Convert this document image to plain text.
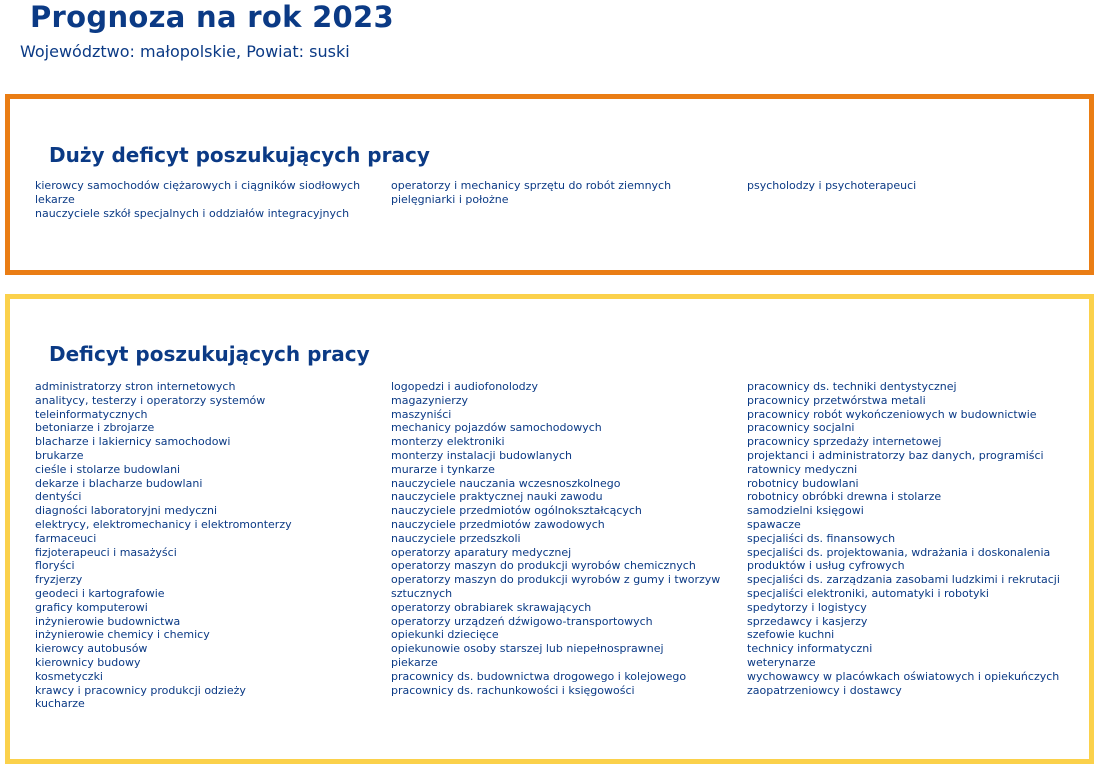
Prognoza na rok 2023

Województwo: małopolskie, Powiat: suski

Duży deficyt poszukujących pracy
kierowcy samochodów ciężarowych i ciągników siodłowych
lekarze
nauczyciele szkół specjalnych i oddziałów integracyjnych
operatorzy i mechanicy sprzętu do robót ziemnych
pielęgniarki i położne
psycholodzy i psychoterapeuci
Deficyt poszukujących pracy
administratorzy stron internetowych
analitycy, testerzy i operatorzy systemów
teleinformatycznych
betoniarze i zbrojarze
blacharze i lakiernicy samochodowi
brukarze
cieśle i stolarze budowlani
dekarze i blacharze budowlani
dentyści
diagności laboratoryjni medyczni
elektrycy, elektromechanicy i elektromonterzy
farmaceuci
fizjoterapeuci i masażyści
floryści
fryzjerzy
geodeci i kartografowie
graficy komputerowi
inżynierowie budownictwa
inżynierowie chemicy i chemicy
kierowcy autobusów
kierownicy budowy
kosmetyczki
krawcy i pracownicy produkcji odzieży
kucharze
logopedzi i audiofonolodzy
magazynierzy
maszyniści
mechanicy pojazdów samochodowych
monterzy elektroniki
monterzy instalacji budowlanych
murarze i tynkarze
nauczyciele nauczania wczesnoszkolnego
nauczyciele praktycznej nauki zawodu
nauczyciele przedmiotów ogólnokształcących
nauczyciele przedmiotów zawodowych
nauczyciele przedszkoli
operatorzy aparatury medycznej
operatorzy maszyn do produkcji wyrobów chemicznych
operatorzy maszyn do produkcji wyrobów z gumy i tworzyw
sztucznych
operatorzy obrabiarek skrawających
operatorzy urządzeń dźwigowo-transportowych
opiekunki dziecięce
opiekunowie osoby starszej lub niepełnosprawnej
piekarze
pracownicy ds. budownictwa drogowego i kolejowego
pracownicy ds. rachunkowości i księgowości
pracownicy ds. techniki dentystycznej
pracownicy przetwórstwa metali
pracownicy robót wykończeniowych w budownictwie
pracownicy socjalni
pracownicy sprzedaży internetowej
projektanci i administratorzy baz danych, programiści
ratownicy medyczni
robotnicy budowlani
robotnicy obróbki drewna i stolarze
samodzielni księgowi
spawacze
specjaliści ds. finansowych
specjaliści ds. projektowania, wdrażania i doskonalenia
produktów i usług cyfrowych
specjaliści ds. zarządzania zasobami ludzkimi i rekrutacji
specjaliści elektroniki, automatyki i robotyki
spedytorzy i logistycy
sprzedawcy i kasjerzy
szefowie kuchni
technicy informatyczni
weterynarze
wychowawcy w placówkach oświatowych i opiekuńczych
zaopatrzeniowcy i dostawcy
